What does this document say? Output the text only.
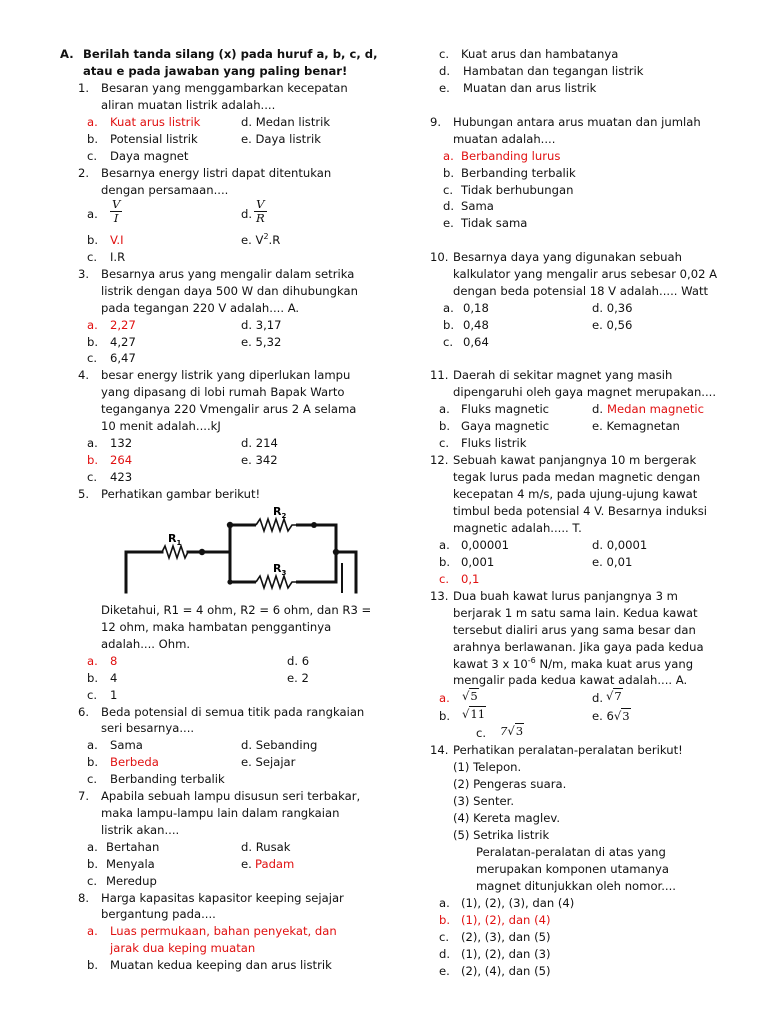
A. Berilah tanda silang (x) pada huruf a, b, c, d,
atau e pada jawaban yang paling benar!
1. Besaran yang menggambarkan kecepatan
aliran muatan listrik adalah....
a. Kuat arus listrik	d. Medan listrik
b. Potensial listrik	e. Daya listrik
c. Daya magnet
2. Besarnya energy listri dapat ditentukan
dengan persamaan....
a. $\frac{V}{I}$	d. $\frac{V}{R}$
b. V.I	e. $V^2.R$
c. I.R
3. Besarnya arus yang mengalir dalam setrika
listrik dengan daya 500 W dan dihubungkan
pada tegangan 220 V adalah.... A.
a. 2,27	d. 3,17
b. 4,27	e. 5,32
c. 6,47
4. besar energy listrik yang diperlukan lampu
yang dipasang di lobi rumah Bapak Warto
teganganya 220 Vmengalir arus 2 A selama
10 menit adalah....kJ
a. 132	d. 214
b. 264	e. 342
c. 423
5. Perhatikan gambar berikut!
$R_1$
$R_2$
$R_3$
Diketahui, R1 = 4 ohm, R2 = 6 ohm, dan R3 =
12 ohm, maka hambatan penggantinya
adalah.... Ohm.
a. 8	d. 6
b. 4	e. 2
c. 1
6. Beda potensial di semua titik pada rangkaian
seri besarnya....
a. Sama	d. Sebanding
b. Berbeda	e. Sejajar
c. Berbanding terbalik
7. Apabila sebuah lampu disusun seri terbakar,
maka lampu-lampu lain dalam rangkaian
listrik akan....
a. Bertahan	d. Rusak
b. Menyala	e. Padam
c. Meredup
8. Harga kapasitas kapasitor keeping sejajar
bergantung pada....
a. Luas permukaan, bahan penyekat, dan
jarak dua keping muatan
b. Muatan kedua keeping dan arus listrik
c. Kuat arus dan hambatanya
d. Hambatan dan tegangan listrik
e. Muatan dan arus listrik
9. Hubungan antara arus muatan dan jumlah
muatan adalah....
a. Berbanding lurus
b. Berbanding terbalik
c. Tidak berhubungan
d. Sama
e. Tidak sama
10. Besarnya daya yang digunakan sebuah
kalkulator yang mengalir arus sebesar 0,02 A
dengan beda potensial 18 V adalah..... Watt
a. 0,18	d. 0,36
b. 0,48	e. 0,56
c. 0,64
11. Daerah di sekitar magnet yang masih
dipengaruhi oleh gaya magnet merupakan....
a. Fluks magnetic	d. Medan magnetic
b. Gaya magnetic	e. Kemagnetan
c. Fluks listrik
12. Sebuah kawat panjangnya 10 m bergerak
tegak lurus pada medan magnetic dengan
kecepatan 4 m/s, pada ujung-ujung kawat
timbul beda potensial 4 V. Besarnya induksi
magnetic adalah..... T.
a. 0,00001	d. 0,0001
b. 0,001	e. 0,01
c. 0,1
13. Dua buah kawat lurus panjangnya 3 m
berjarak 1 m satu sama lain. Kedua kawat
tersebut dialiri arus yang sama besar dan
arahnya berlawanan. Jika gaya pada kedua
kawat 3 x $10^{-6}$ N/m, maka kuat arus yang
mengalir pada kedua kawat adalah.... A.
a. √5	d. √7
b. √11	e. 6√3
c. 7√3
14. Perhatikan peralatan-peralatan berikut!
(1) Telepon.
(2) Pengeras suara.
(3) Senter.
(4) Kereta maglev.
(5) Setrika listrik
Peralatan-peralatan di atas yang
merupakan komponen utamanya
magnet ditunjukkan oleh nomor....
a. (1), (2), (3), dan (4)
b. (1), (2), dan (4)
c. (2), (3), dan (5)
d. (1), (2), dan (3)
e. (2), (4), dan (5)
